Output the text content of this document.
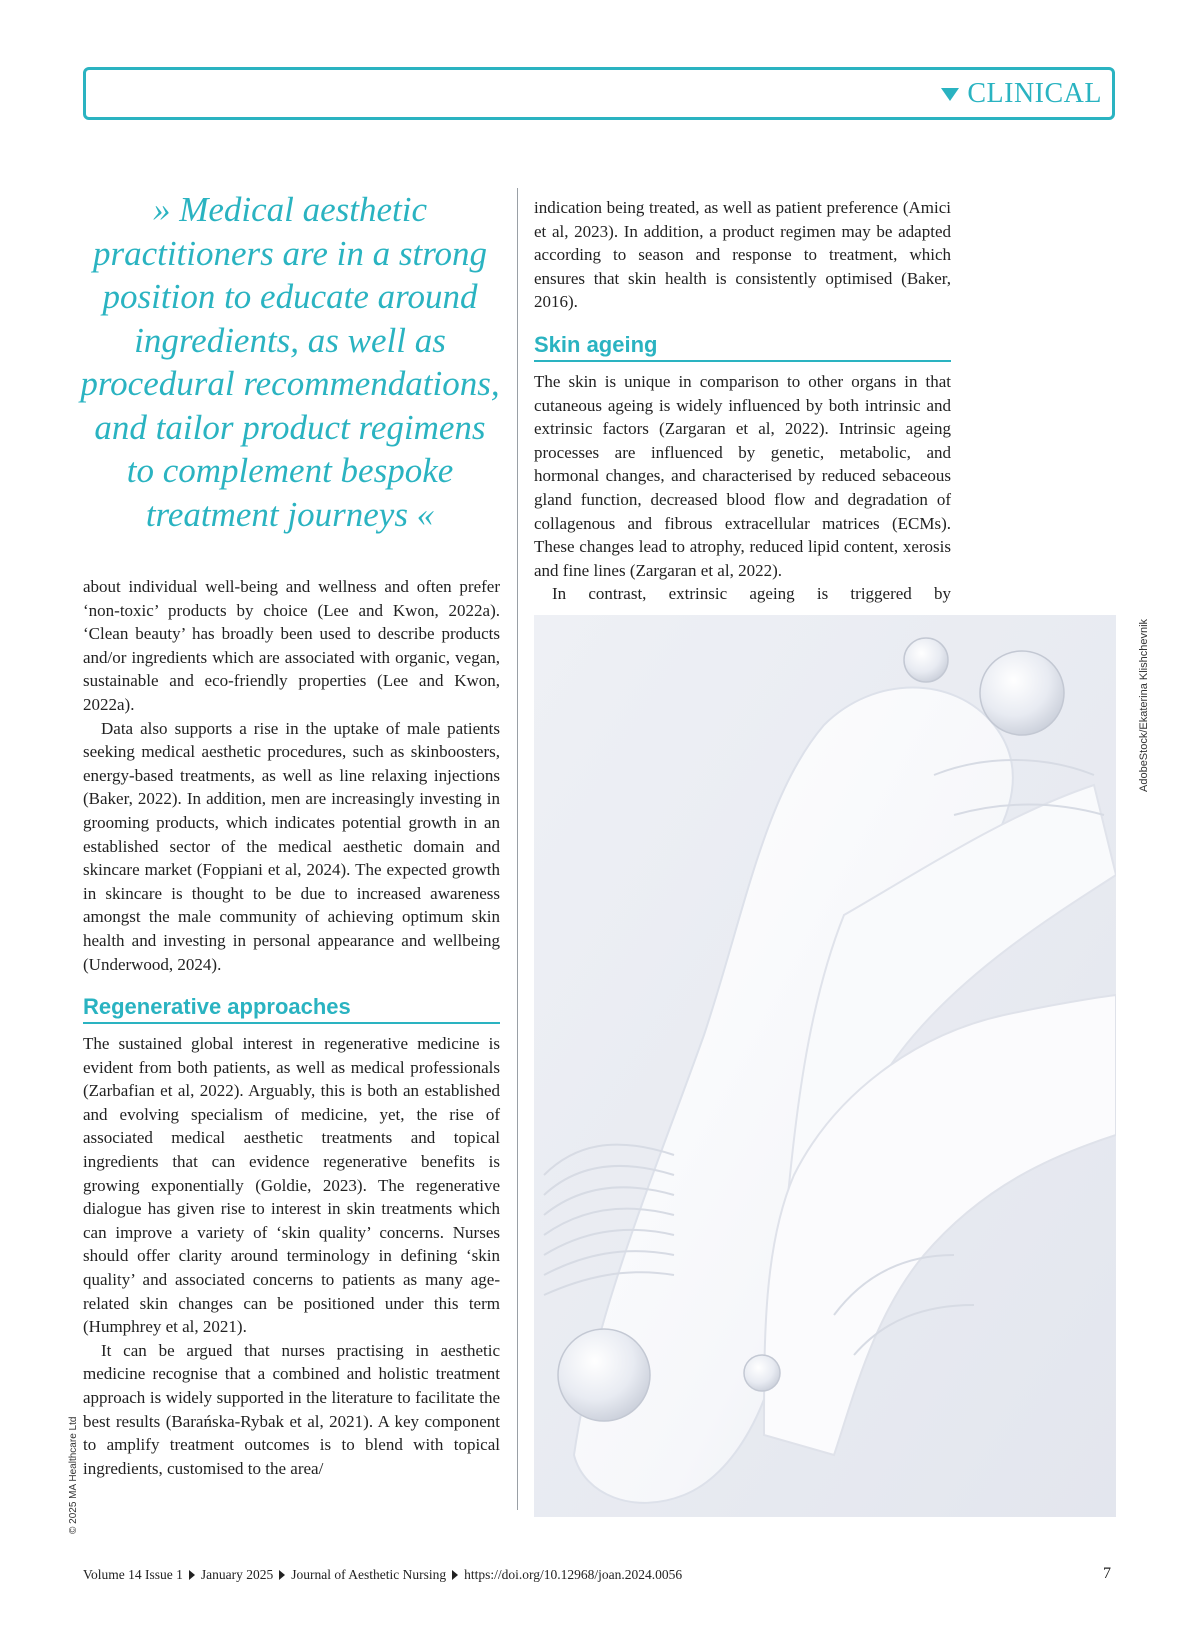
CLINICAL
» Medical aesthetic practitioners are in a strong position to educate around ingredients, as well as procedural recommendations, and tailor product regimens to complement bespoke treatment journeys «

about individual well-being and wellness and often prefer ‘non-toxic’ products by choice (Lee and Kwon, 2022a). ‘Clean beauty’ has broadly been used to describe products and/or ingredients which are associated with organic, vegan, sustainable and eco-friendly properties (Lee and Kwon, 2022a).

Data also supports a rise in the uptake of male patients seeking medical aesthetic procedures, such as skinboosters, energy-based treatments, as well as line relaxing injections (Baker, 2022). In addition, men are increasingly investing in grooming products, which indicates potential growth in an established sector of the medical aesthetic domain and skincare market (Foppiani et al, 2024). The expected growth in skincare is thought to be due to increased awareness amongst the male community of achieving optimum skin health and investing in personal appearance and wellbeing (Underwood, 2024).

Regenerative approaches

The sustained global interest in regenerative medicine is evident from both patients, as well as medical professionals (Zarbafian et al, 2022). Arguably, this is both an established and evolving specialism of medicine, yet, the rise of associated medical aesthetic treatments and topical ingredients that can evidence regenerative benefits is growing exponentially (Goldie, 2023). The regenerative dialogue has given rise to interest in skin treatments which can improve a variety of ‘skin quality’ concerns. Nurses should offer clarity around terminology in defining ‘skin quality’ and associated concerns to patients as many age-related skin changes can be positioned under this term (Humphrey et al, 2021).

It can be argued that nurses practising in aesthetic medicine recognise that a combined and holistic treatment approach is widely supported in the literature to facilitate the best results (Barańska-Rybak et al, 2021). A key component to amplify treatment outcomes is to blend with topical ingredients, customised to the area/

indication being treated, as well as patient preference (Amici et al, 2023). In addition, a product regimen may be adapted according to season and response to treatment, which ensures that skin health is consistently optimised (Baker, 2016).

Skin ageing

The skin is unique in comparison to other organs in that cutaneous ageing is widely influenced by both intrinsic and extrinsic factors (Zargaran et al, 2022). Intrinsic ageing processes are influenced by genetic, metabolic, and hormonal changes, and characterised by reduced sebaceous gland function, decreased blood flow and degradation of collagenous and fibrous extracellular matrices (ECMs). These changes lead to atrophy, reduced lipid content, xerosis and fine lines (Zargaran et al, 2022).

In contrast, extrinsic ageing is triggered by

AdobeStock/Ekaterina Klishchevnik
© 2025 MA Healthcare Ltd
Volume 14 Issue 1 January 2025 Journal of Aesthetic Nursing https://doi.org/10.12968/joan.2024.0056	7
